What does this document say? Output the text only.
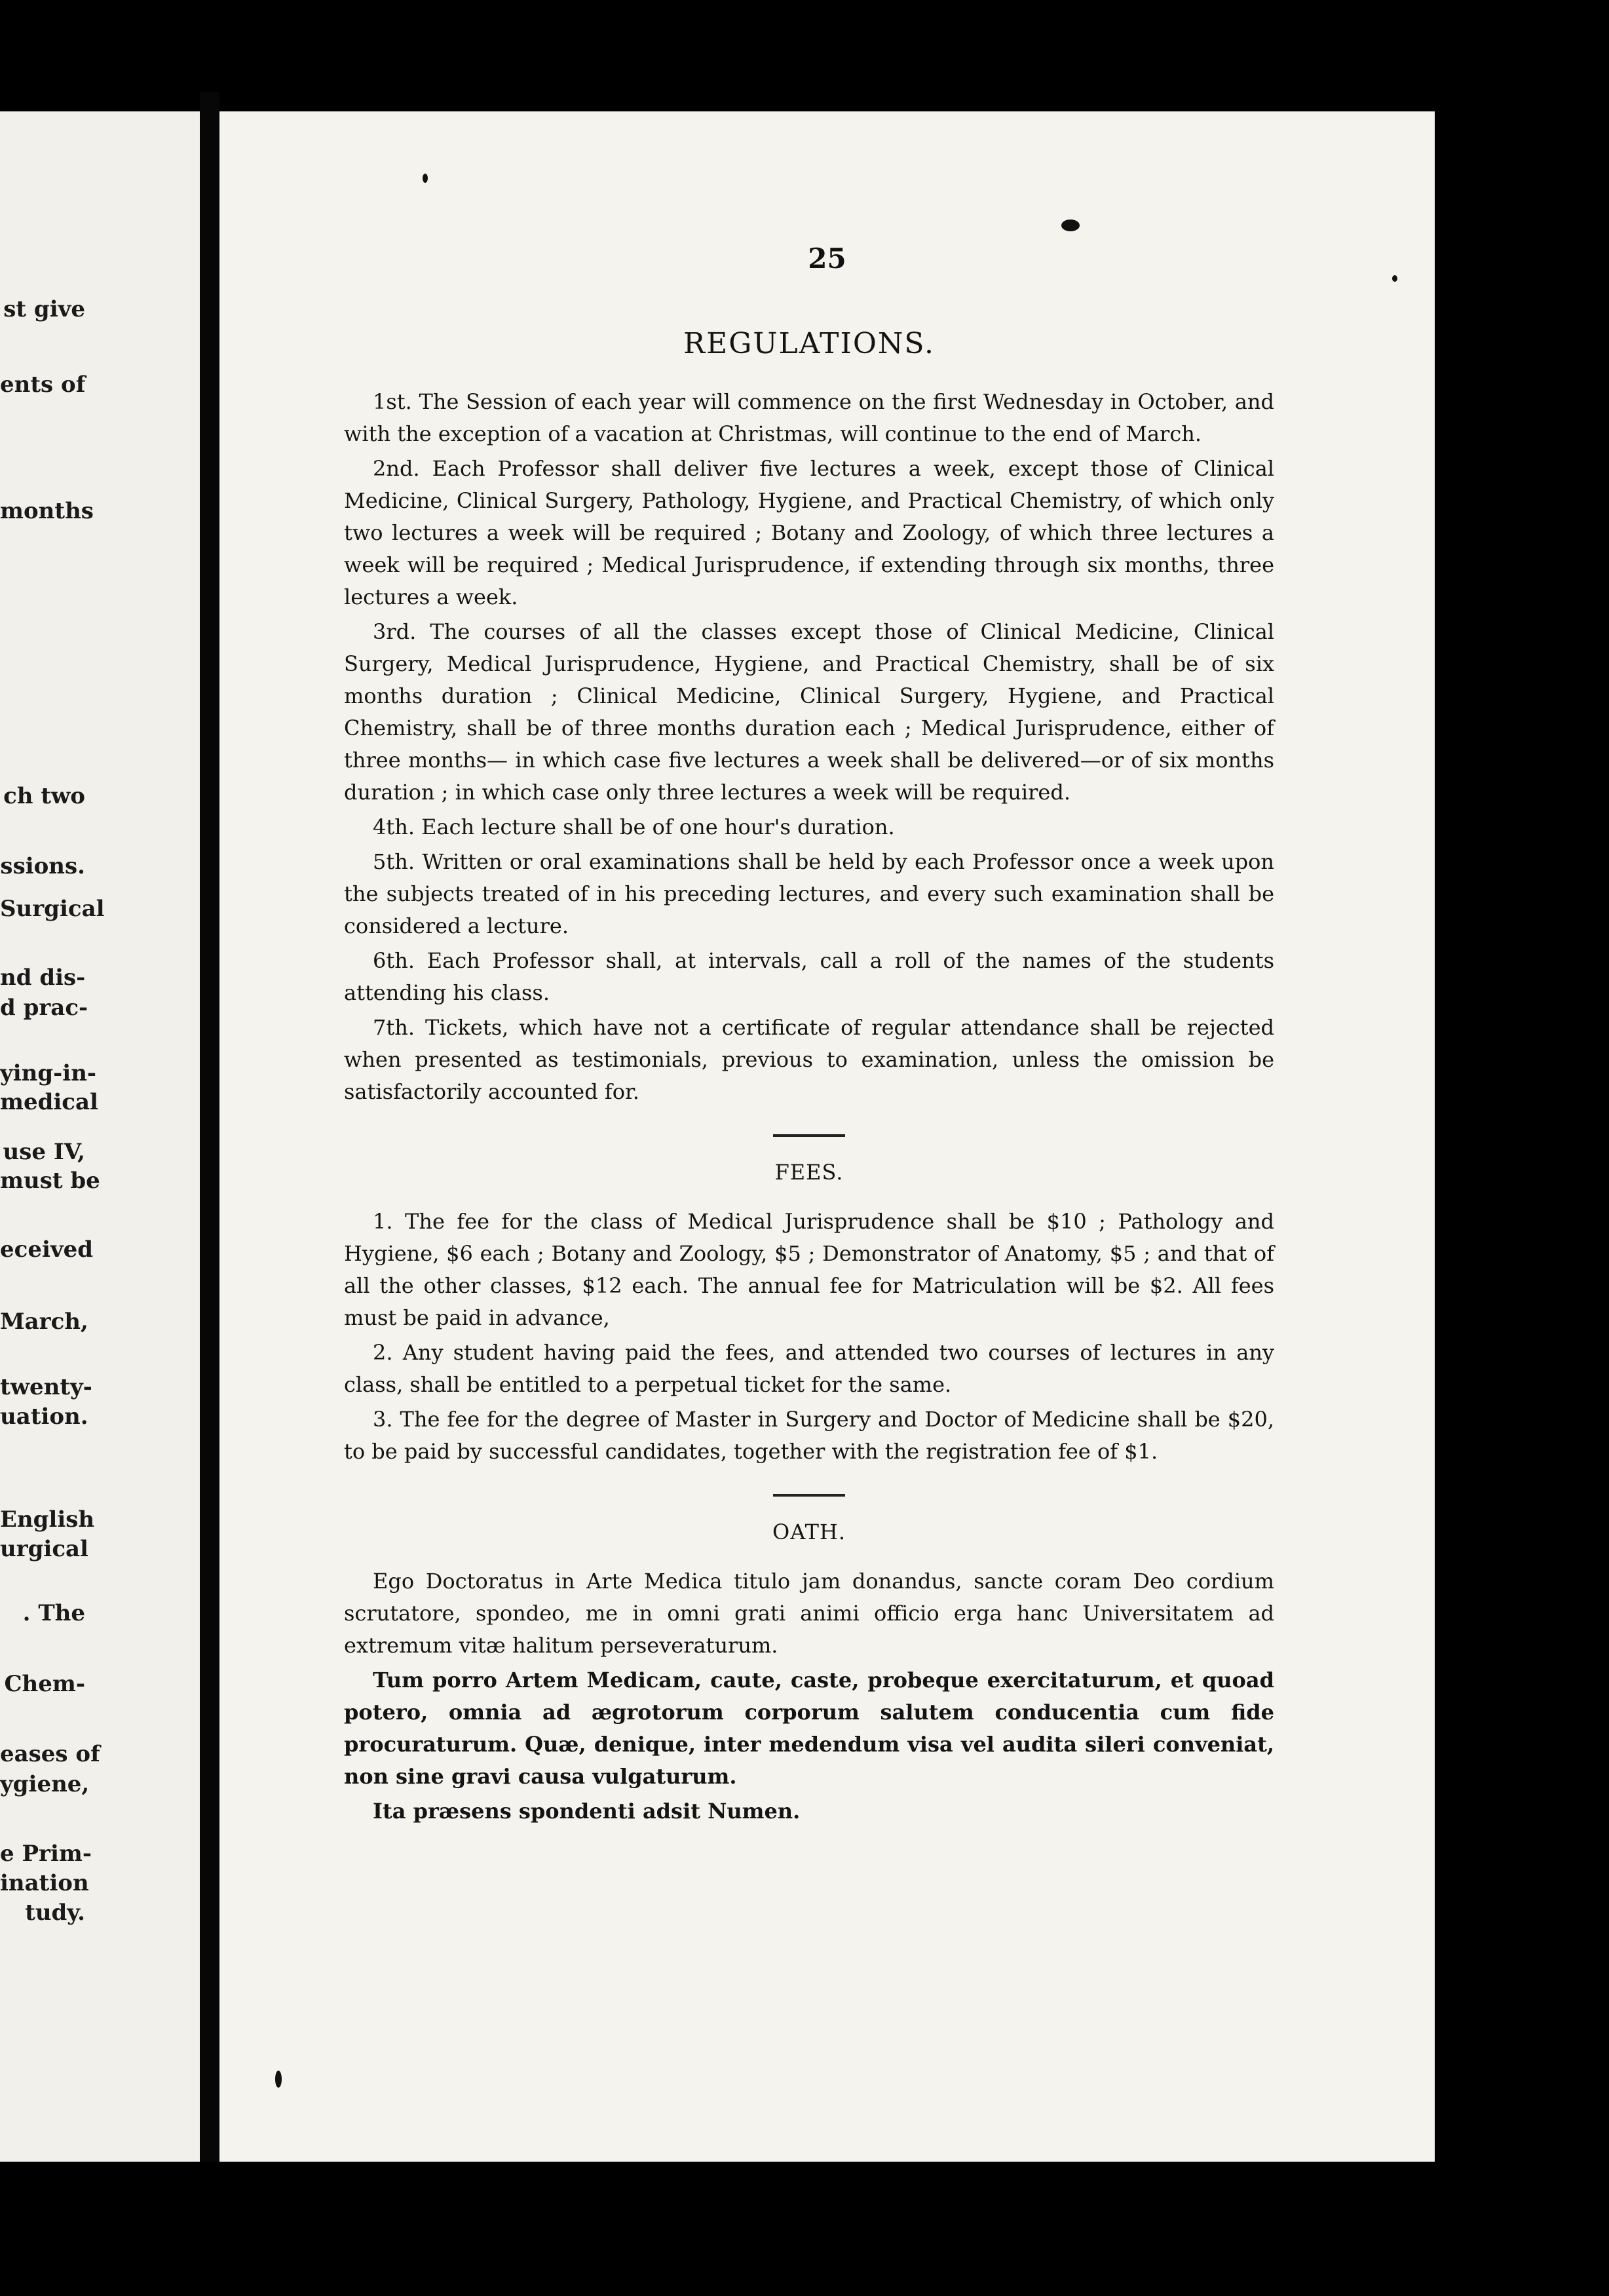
st give
ents of
months
ch two
ssions.
Surgical
nd dis-
d prac-
ying-in-
medical
use IV,
must be
eceived
March,
twenty-
uation.
English
urgical
. The
Chem-
eases of
ygiene,
e Prim-
ination
tudy.
25
REGULATIONS.

1st. The Session of each year will commence on the first Wednesday in October, and with the exception of a vacation at Christmas, will continue to the end of March.

2nd. Each Professor shall deliver five lectures a week, except those of Clinical Medicine, Clinical Surgery, Pathology, Hygiene, and Practical Chemistry, of which only two lectures a week will be required ; Botany and Zoology, of which three lectures a week will be required ; Medical Jurisprudence, if extending through six months, three lectures a week.

3rd. The courses of all the classes except those of Clinical Medicine, Clinical Surgery, Medical Jurisprudence, Hygiene, and Practical Chemistry, shall be of six months duration ; Clinical Medicine, Clinical Surgery, Hygiene, and Practical Chemistry, shall be of three months duration each ; Medical Jurisprudence, either of three months— in which case five lectures a week shall be delivered—or of six months duration ; in which case only three lectures a week will be required.

4th. Each lecture shall be of one hour's duration.

5th. Written or oral examinations shall be held by each Professor once a week upon the subjects treated of in his preceding lectures, and every such examination shall be considered a lecture.

6th. Each Professor shall, at intervals, call a roll of the names of the students attending his class.

7th. Tickets, which have not a certificate of regular attendance shall be rejected when presented as testimonials, previous to examination, unless the omission be satisfactorily accounted for.

FEES.

1. The fee for the class of Medical Jurisprudence shall be $10 ; Pathology and Hygiene, $6 each ; Botany and Zoology, $5 ; Demonstrator of Anatomy, $5 ; and that of all the other classes, $12 each. The annual fee for Matriculation will be $2. All fees must be paid in advance,

2. Any student having paid the fees, and attended two courses of lectures in any class, shall be entitled to a perpetual ticket for the same.

3. The fee for the degree of Master in Surgery and Doctor of Medicine shall be $20, to be paid by successful candidates, together with the registration fee of $1.

OATH.

Ego Doctoratus in Arte Medica titulo jam donandus, sancte coram Deo cordium scrutatore, spondeo, me in omni grati animi officio erga hanc Universitatem ad extremum vitæ halitum perseveraturum.

Tum porro Artem Medicam, caute, caste, probeque exercitaturum, et quoad potero, omnia ad ægrotorum corporum salutem conducentia cum fide procuraturum. Quæ, denique, inter medendum visa vel audita sileri conveniat, non sine gravi causa vulgaturum.

Ita præsens spondenti adsit Numen.
